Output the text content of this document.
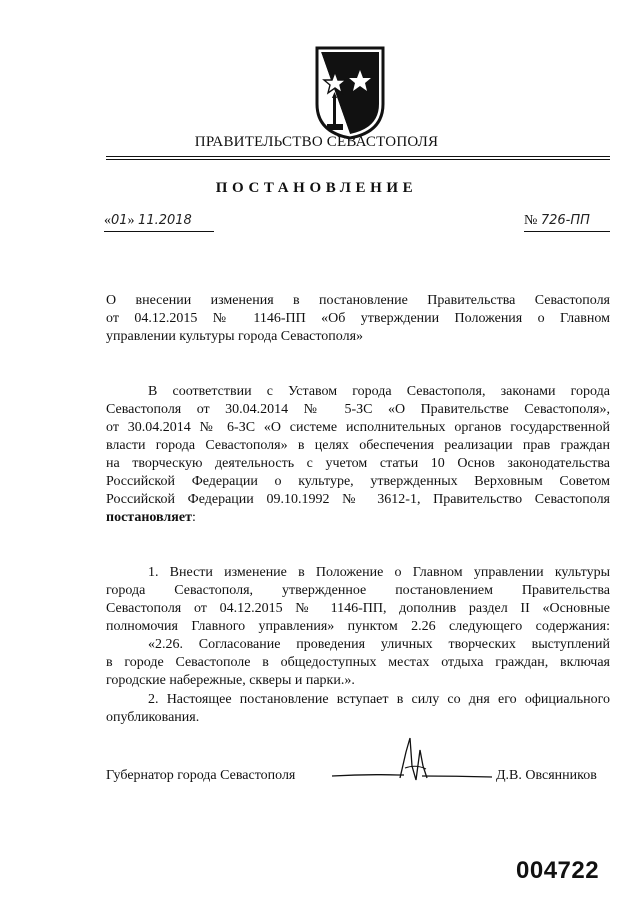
ПРАВИТЕЛЬСТВО СЕВАСТОПОЛЯ
ПОСТАНОВЛЕНИЕ
«01» 11.2018	№ 726-ПП
О внесении изменения в постановление Правительства Севастополя
от 04.12.2015 № 1146-ПП «Об утверждении Положения о Главном
управлении культуры города Севастополя»
В соответствии с Уставом города Севастополя, законами города
Севастополя от 30.04.2014 № 5-ЗС «О Правительстве Севастополя»,
от 30.04.2014 № 6-ЗС «О системе исполнительных органов государственной
власти города Севастополя» в целях обеспечения реализации прав граждан
на творческую деятельность с учетом статьи 10 Основ законодательства
Российской Федерации о культуре, утвержденных Верховным Советом
Российской Федерации 09.10.1992 № 3612-1, Правительство Севастополя
постановляет:
1. Внести изменение в Положение о Главном управлении культуры
города Севастополя, утвержденное постановлением Правительства
Севастополя от 04.12.2015 № 1146-ПП, дополнив раздел II «Основные
полномочия Главного управления» пунктом 2.26 следующего содержания:
«2.26. Согласование проведения уличных творческих выступлений
в городе Севастополе в общедоступных местах отдыха граждан, включая
городские набережные, скверы и парки.».
2. Настоящее постановление вступает в силу со дня его официального
опубликования.
Губернатор города Севастополя	Д.В. Овсянников
004722
